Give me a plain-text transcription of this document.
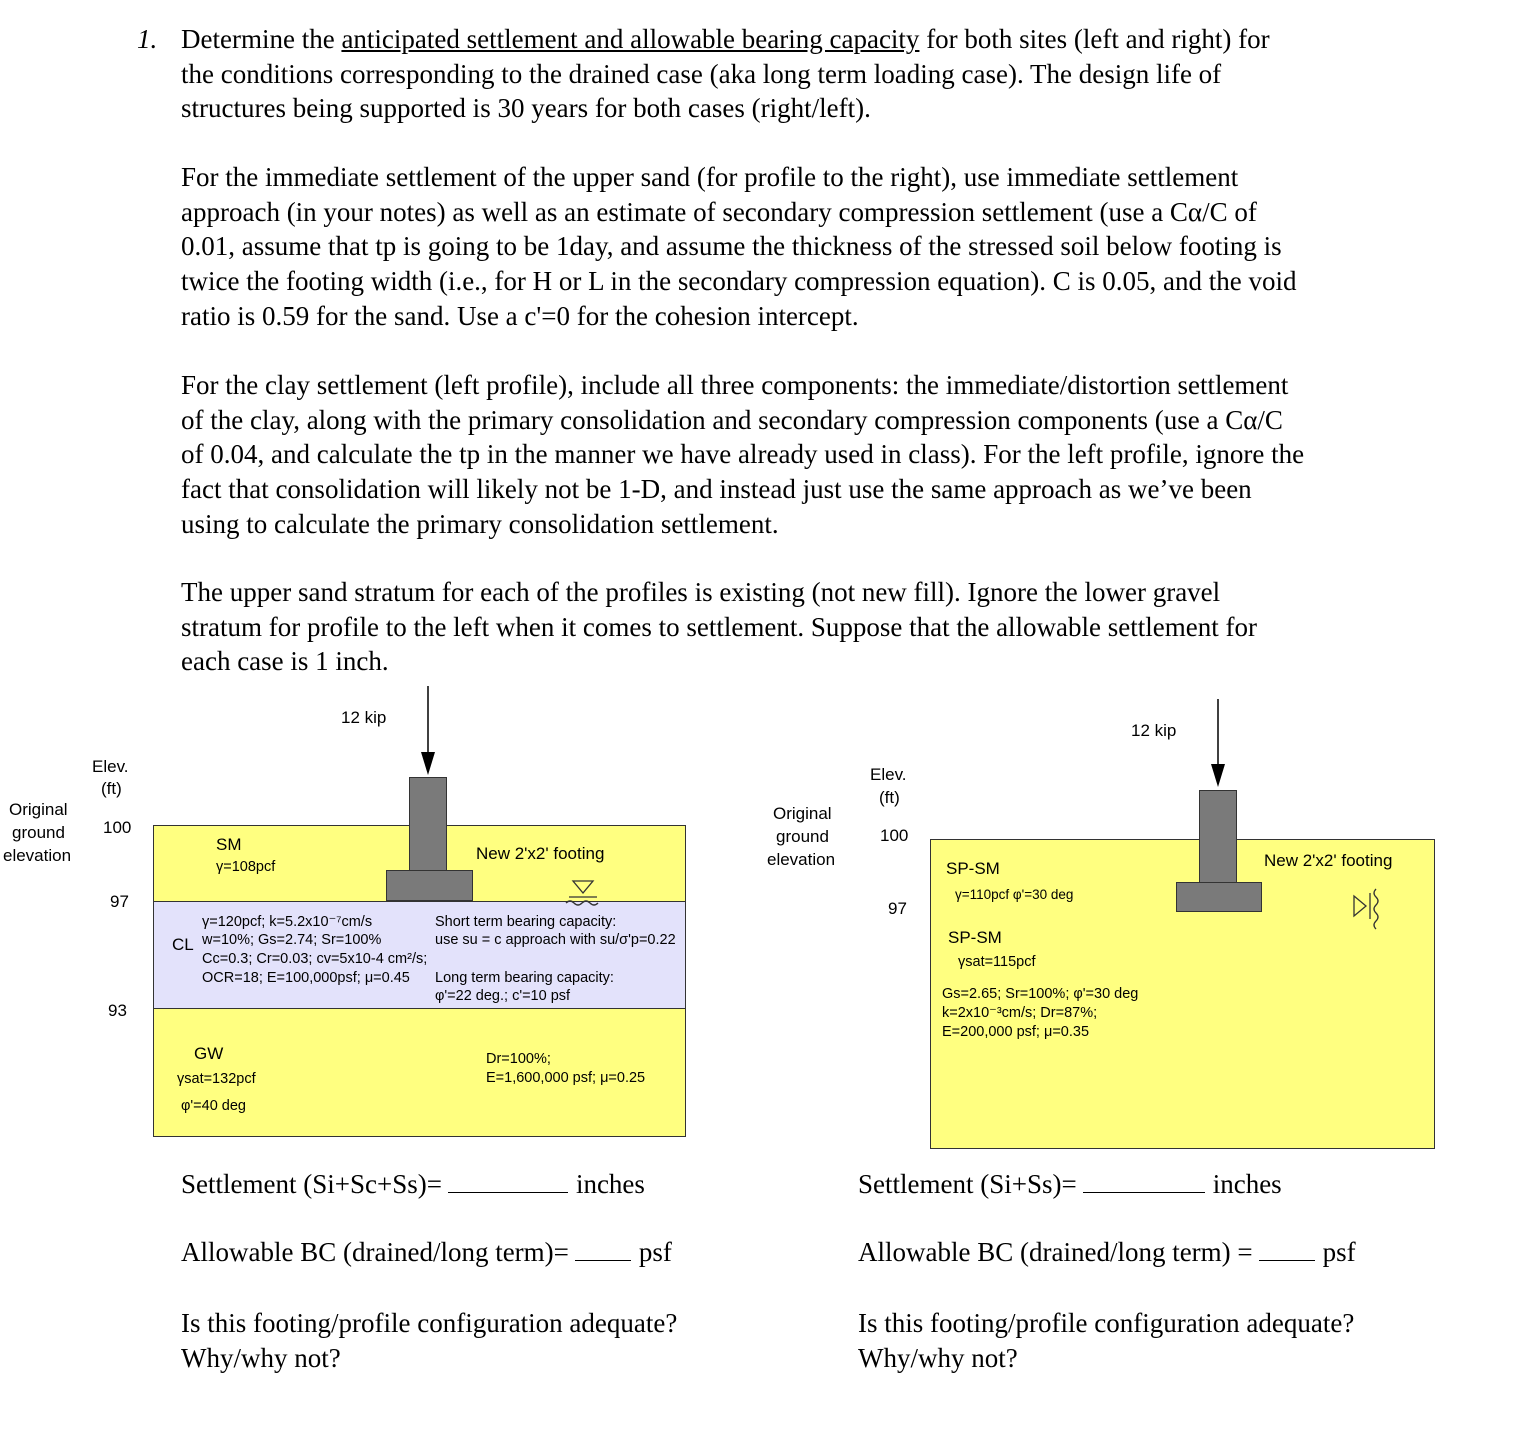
1. Determine the anticipated settlement and allowable bearing capacity for both sites (left and right) for
the conditions corresponding to the drained case (aka long term loading case). The design life of
structures being supported is 30 years for both cases (right/left).

For the immediate settlement of the upper sand (for profile to the right), use immediate settlement
approach (in your notes) as well as an estimate of secondary compression settlement (use a Cα/C of
0.01, assume that tp is going to be 1day, and assume the thickness of the stressed soil below footing is
twice the footing width (i.e., for H or L in the secondary compression equation). C is 0.05, and the void
ratio is 0.59 for the sand. Use a c'=0 for the cohesion intercept.

For the clay settlement (left profile), include all three components: the immediate/distortion settlement
of the clay, along with the primary consolidation and secondary compression components (use a Cα/C
of 0.04, and calculate the tp in the manner we have already used in class). For the left profile, ignore the
fact that consolidation will likely not be 1-D, and instead just use the same approach as we’ve been
using to calculate the primary consolidation settlement.

The upper sand stratum for each of the profiles is existing (not new fill). Ignore the lower gravel
stratum for profile to the left when it comes to settlement. Suppose that the allowable settlement for
each case is 1 inch.

12 kip
Elev.
(ft)
Original
ground
elevation
100
97
93
New 2'x2' footing
SM
γ=108pcf
CL
γ=120pcf; k=5.2x10⁻⁷cm/s
w=10%; Gs=2.74; Sr=100%
Cc=0.3; Cr=0.03; cv=5x10-4 cm²/s;
OCR=18; E=100,000psf; μ=0.45
Short term bearing capacity:
use su = c approach with su/σ'p=0.22
Long term bearing capacity:
φ'=22 deg.; c'=10 psf
GW
γsat=132pcf
φ'=40 deg
Dr=100%;
E=1,600,000 psf; μ=0.25
12 kip
Elev.
(ft)
Original
ground
elevation
100
97
New 2'x2' footing
SP-SM
γ=110pcf φ'=30 deg
SP-SM
γsat=115pcf
Gs=2.65; Sr=100%; φ'=30 deg
k=2x10⁻³cm/s; Dr=87%;
E=200,000 psf; μ=0.35
Settlement (Si+Sc+Ss)=	inches
Allowable BC (drained/long term)=	psf
Is this footing/profile configuration adequate?
Why/why not?
Settlement (Si+Ss)=	inches
Allowable BC (drained/long term) =	psf
Is this footing/profile configuration adequate?
Why/why not?
